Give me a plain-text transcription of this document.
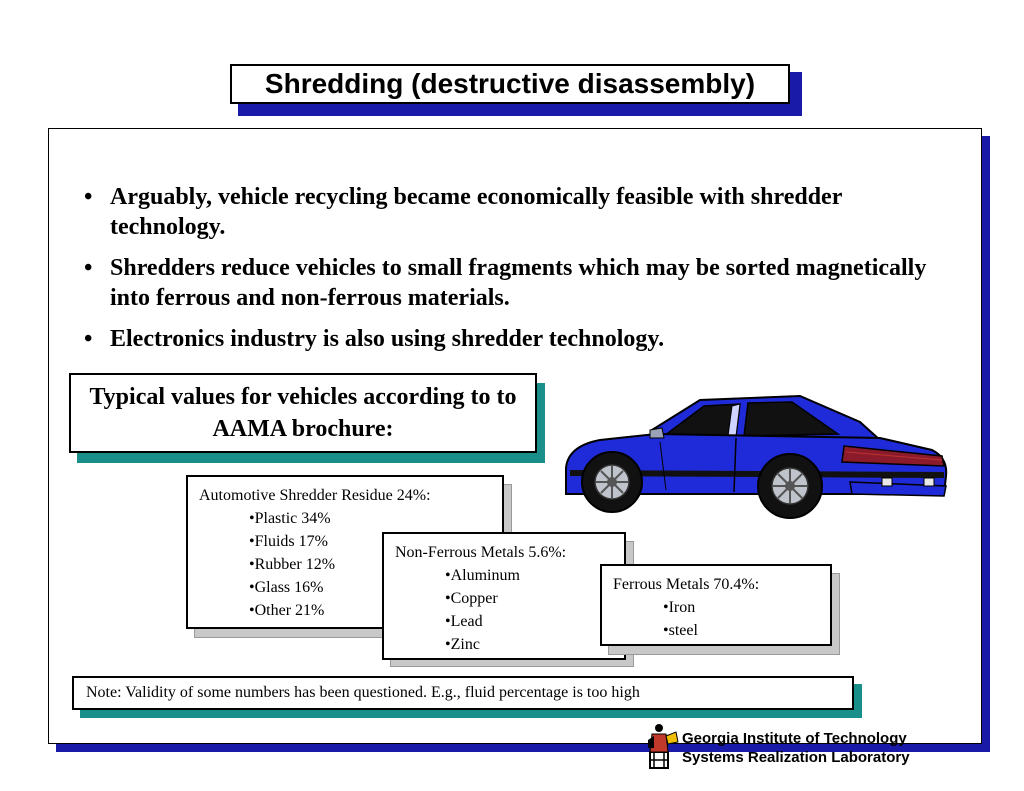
Shredding (destructive disassembly)
• Arguably, vehicle recycling became economically feasible with shredder technology.
• Shredders reduce vehicles to small fragments which may be sorted magnetically into ferrous and non-ferrous materials.
• Electronics industry is also using shredder technology.
Typical values for vehicles according to to AAMA brochure:
Automotive Shredder Residue 24%:
•Plastic 34%
•Fluids 17%
•Rubber 12%
•Glass 16%
•Other 21%
Non-Ferrous Metals 5.6%:
•Aluminum
•Copper
•Lead
•Zinc
Ferrous Metals 70.4%:
•Iron
•steel
Note: Validity of some numbers has been questioned. E.g., fluid percentage is too high
Georgia Institute of Technology
Systems Realization Laboratory
